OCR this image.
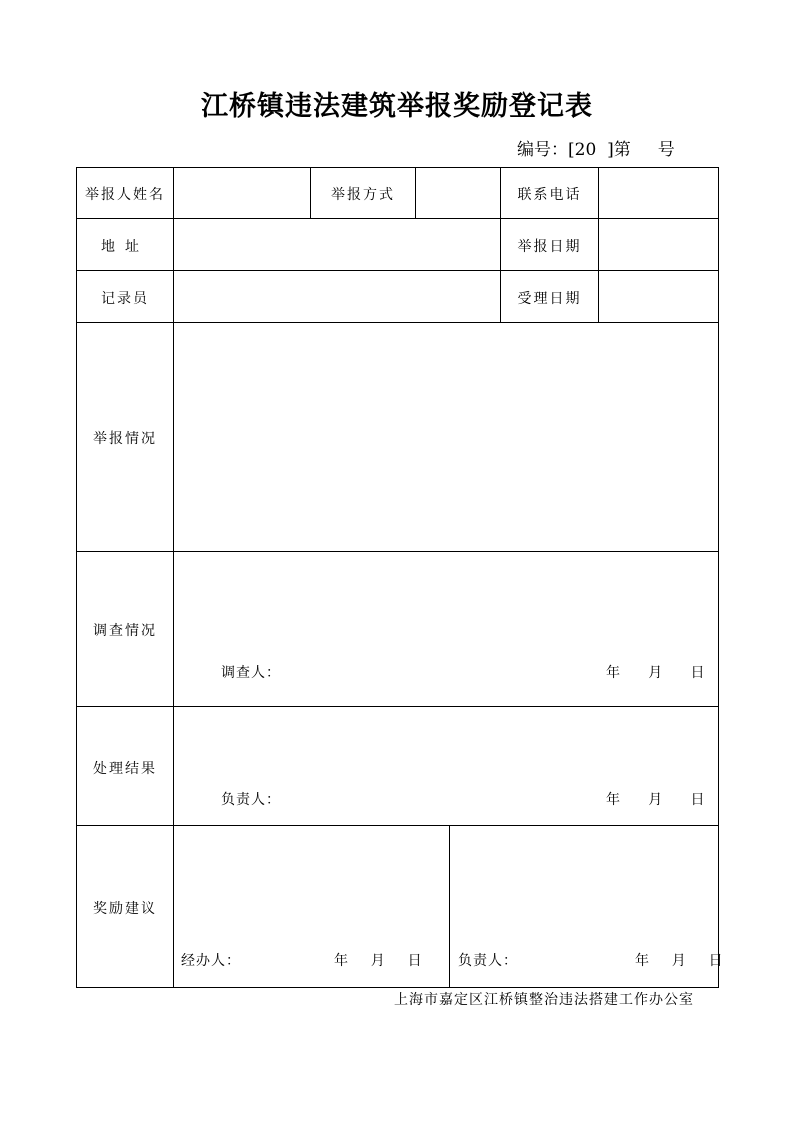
江桥镇违法建筑举报奖励登记表
编号：[20  ]第     号
举报人姓名	举报方式	联系电话
地址	举报日期
记录员	受理日期
举报情况
调查情况
调查人：	年     月     日
处理结果
负责人：	年     月     日
奖励建议
经办人：	年    月    日	负责人：	年    月    日
上海市嘉定区江桥镇整治违法搭建工作办公室
